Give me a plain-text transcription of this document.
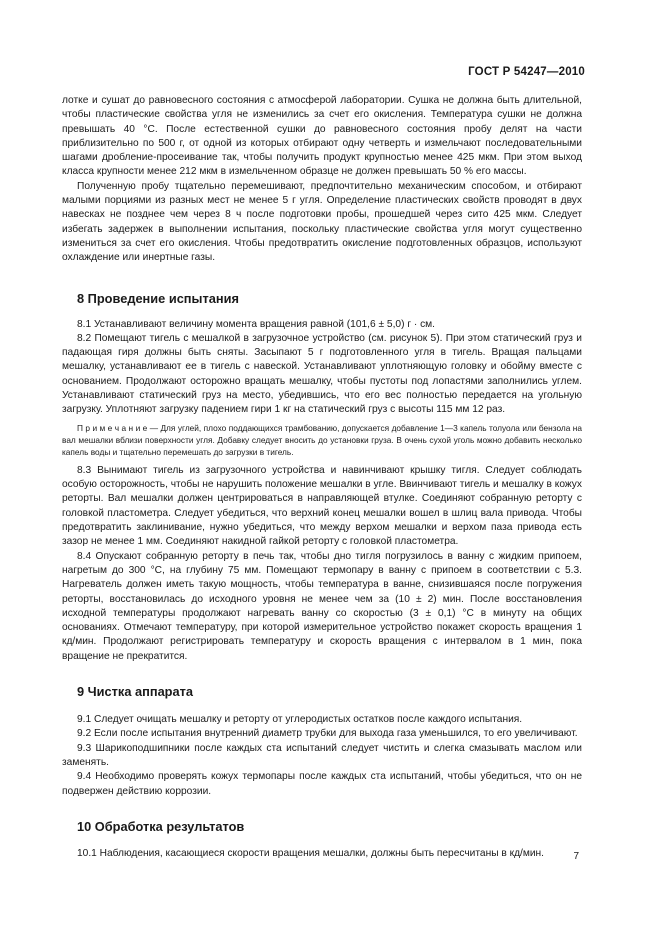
ГОСТ Р 54247—2010

лотке и сушат до равновесного состояния с атмосферой лаборатории. Сушка не должна быть длительной, чтобы пластические свойства угля не изменились за счет его окисления. Температура сушки не должна превышать 40 °С. После естественной сушки до равновесного состояния пробу делят на части приблизительно по 500 г, от одной из которых отбирают одну четверть и измельчают последовательными шагами дробление-просеивание так, чтобы получить продукт крупностью менее 425 мкм. При этом выход класса крупности менее 212 мкм в измельченном образце не должен превышать 50 % его массы.

Полученную пробу тщательно перемешивают, предпочтительно механическим способом, и отбирают малыми порциями из разных мест не менее 5 г угля. Определение пластических свойств проводят в двух навесках не позднее чем через 8 ч после подготовки пробы, прошедшей через сито 425 мкм. Следует избегать задержек в выполнении испытания, поскольку пластические свойства угля могут существенно измениться за счет его окисления. Чтобы предотвратить окисление подготовленных образцов, используют охлаждение или инертные газы.

8 Проведение испытания

8.1 Устанавливают величину момента вращения равной (101,6 ± 5,0) г · см.

8.2 Помещают тигель с мешалкой в загрузочное устройство (см. рисунок 5). При этом статический груз и падающая гиря должны быть сняты. Засыпают 5 г подготовленного угля в тигель. Вращая пальцами мешалку, устанавливают ее в тигель с навеской. Устанавливают уплотняющую головку и обойму вместе с основанием. Продолжают осторожно вращать мешалку, чтобы пустоты под лопастями заполнились углем. Устанавливают статический груз на место, убедившись, что его вес полностью передается на угольную загрузку. Уплотняют загрузку падением гири 1 кг на статический груз с высоты 115 мм 12 раз.

П р и м е ч а н и е — Для углей, плохо поддающихся трамбованию, допускается добавление 1—3 капель толуола или бензола на вал мешалки вблизи поверхности угля. Добавку следует вносить до установки груза. В очень сухой уголь можно добавить несколько капель воды и тщательно перемешать до загрузки в тигель.

8.3 Вынимают тигель из загрузочного устройства и навинчивают крышку тигля. Следует соблюдать особую осторожность, чтобы не нарушить положение мешалки в угле. Ввинчивают тигель и мешалку в кожух реторты. Вал мешалки должен центрироваться в направляющей втулке. Соединяют собранную реторту с головкой пластометра. Следует убедиться, что верхний конец мешалки вошел в шлиц вала привода. Чтобы предотвратить заклинивание, нужно убедиться, что между верхом мешалки и верхом паза привода есть зазор не менее 1 мм. Соединяют накидной гайкой реторту с головкой пластометра.

8.4 Опускают собранную реторту в печь так, чтобы дно тигля погрузилось в ванну с жидким припоем, нагретым до 300 °С, на глубину 75 мм. Помещают термопару в ванну с припоем в соответствии с 5.3. Нагреватель должен иметь такую мощность, чтобы температура в ванне, снизившаяся после погружения реторты, восстановилась до исходного уровня не менее чем за (10 ± 2) мин. После восстановления исходной температуры продолжают нагревать ванну со скоростью (3 ± 0,1) °С в минуту на общих основаниях. Отмечают температуру, при которой измерительное устройство покажет скорость вращения 1 кд/мин. Продолжают регистрировать температуру и скорость вращения с интервалом в 1 мин, пока вращение не прекратится.

9 Чистка аппарата

9.1 Следует очищать мешалку и реторту от углеродистых остатков после каждого испытания.

9.2 Если после испытания внутренний диаметр трубки для выхода газа уменьшился, то его увеличивают.

9.3 Шарикоподшипники после каждых ста испытаний следует чистить и слегка смазывать маслом или заменять.

9.4 Необходимо проверять кожух термопары после каждых ста испытаний, чтобы убедиться, что он не подвержен действию коррозии.

10 Обработка результатов

10.1 Наблюдения, касающиеся скорости вращения мешалки, должны быть пересчитаны в кд/мин.	7
